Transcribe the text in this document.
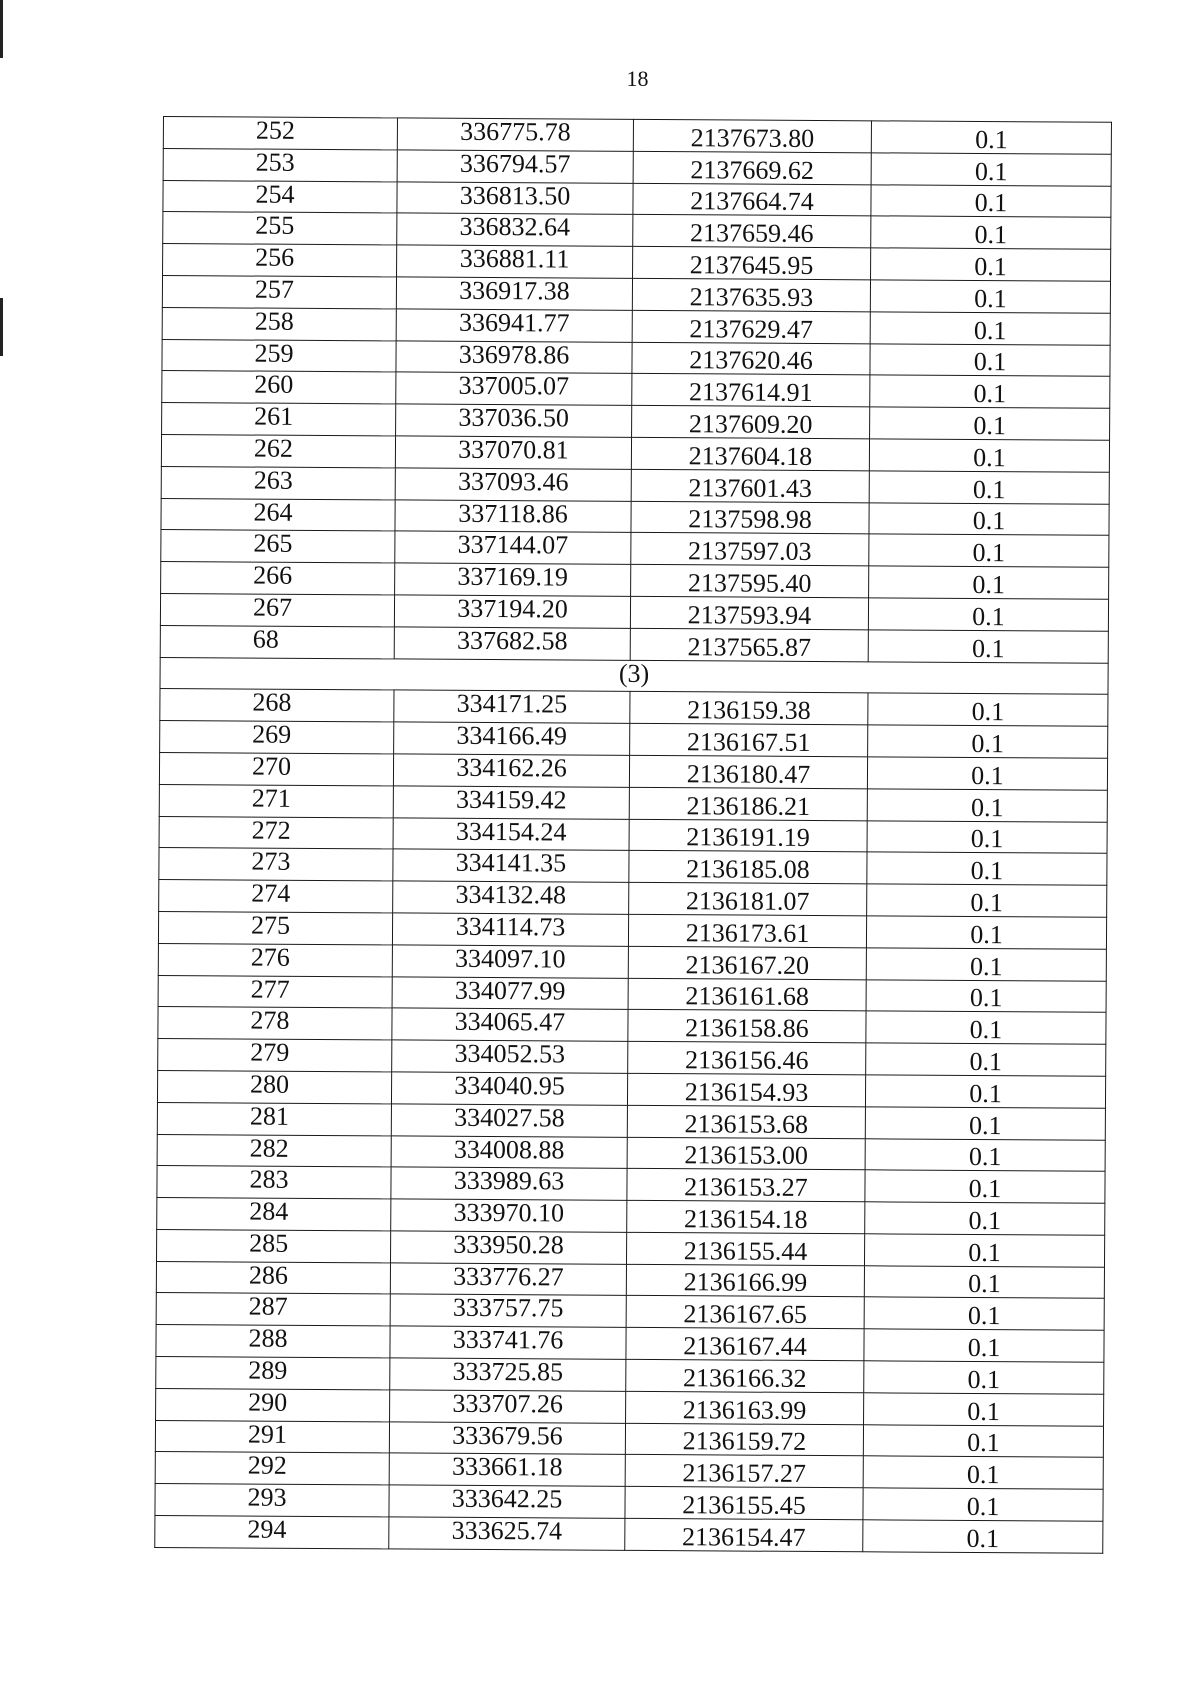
18
252	336775.78	2137673.80	0.1
253	336794.57	2137669.62	0.1
254	336813.50	2137664.74	0.1
255	336832.64	2137659.46	0.1
256	336881.11	2137645.95	0.1
257	336917.38	2137635.93	0.1
258	336941.77	2137629.47	0.1
259	336978.86	2137620.46	0.1
260	337005.07	2137614.91	0.1
261	337036.50	2137609.20	0.1
262	337070.81	2137604.18	0.1
263	337093.46	2137601.43	0.1
264	337118.86	2137598.98	0.1
265	337144.07	2137597.03	0.1
266	337169.19	2137595.40	0.1
267	337194.20	2137593.94	0.1
68	337682.58	2137565.87	0.1
(3)			
268	334171.25	2136159.38	0.1
269	334166.49	2136167.51	0.1
270	334162.26	2136180.47	0.1
271	334159.42	2136186.21	0.1
272	334154.24	2136191.19	0.1
273	334141.35	2136185.08	0.1
274	334132.48	2136181.07	0.1
275	334114.73	2136173.61	0.1
276	334097.10	2136167.20	0.1
277	334077.99	2136161.68	0.1
278	334065.47	2136158.86	0.1
279	334052.53	2136156.46	0.1
280	334040.95	2136154.93	0.1
281	334027.58	2136153.68	0.1
282	334008.88	2136153.00	0.1
283	333989.63	2136153.27	0.1
284	333970.10	2136154.18	0.1
285	333950.28	2136155.44	0.1
286	333776.27	2136166.99	0.1
287	333757.75	2136167.65	0.1
288	333741.76	2136167.44	0.1
289	333725.85	2136166.32	0.1
290	333707.26	2136163.99	0.1
291	333679.56	2136159.72	0.1
292	333661.18	2136157.27	0.1
293	333642.25	2136155.45	0.1
294	333625.74	2136154.47	0.1
